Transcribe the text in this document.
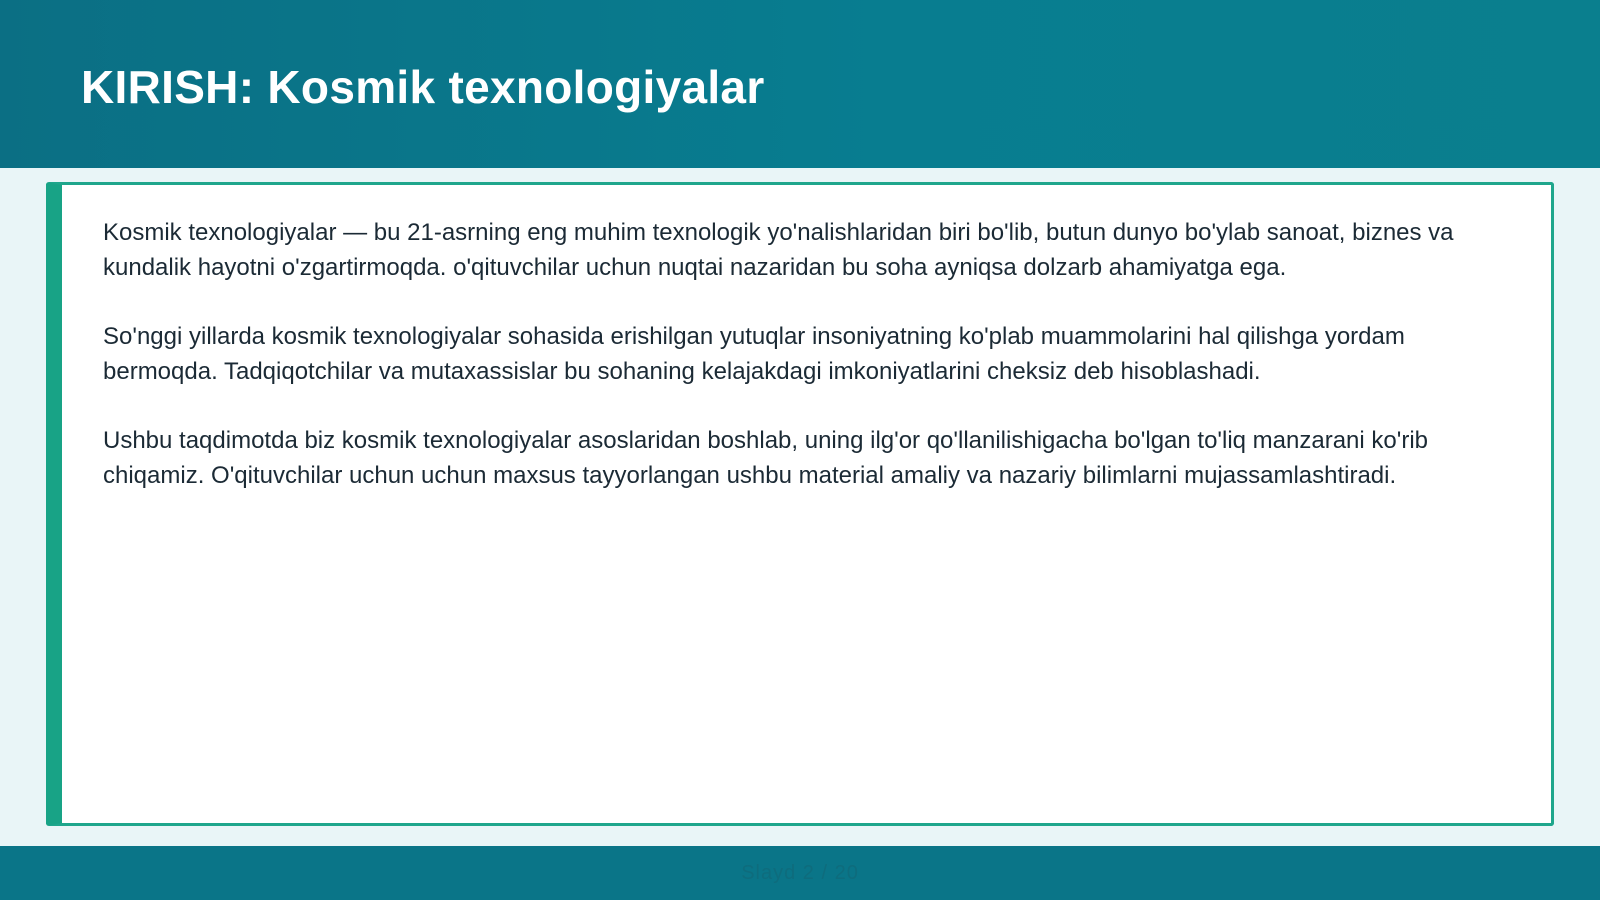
KIRISH: Kosmik texnologiyalar

Kosmik texnologiyalar — bu 21-asrning eng muhim texnologik yo'nalishlaridan biri bo'lib, butun dunyo bo'ylab sanoat, biznes va kundalik hayotni o'zgartirmoqda. o'qituvchilar uchun nuqtai nazaridan bu soha ayniqsa dolzarb ahamiyatga ega.

So'nggi yillarda kosmik texnologiyalar sohasida erishilgan yutuqlar insoniyatning ko'plab muammolarini hal qilishga yordam bermoqda. Tadqiqotchilar va mutaxassislar bu sohaning kelajakdagi imkoniyatlarini cheksiz deb hisoblashadi.

Ushbu taqdimotda biz kosmik texnologiyalar asoslaridan boshlab, uning ilg'or qo'llanilishigacha bo'lgan to'liq manzarani ko'rib chiqamiz. O'qituvchilar uchun uchun maxsus tayyorlangan ushbu material amaliy va nazariy bilimlarni mujassamlashtiradi.

Slayd 2 / 20
